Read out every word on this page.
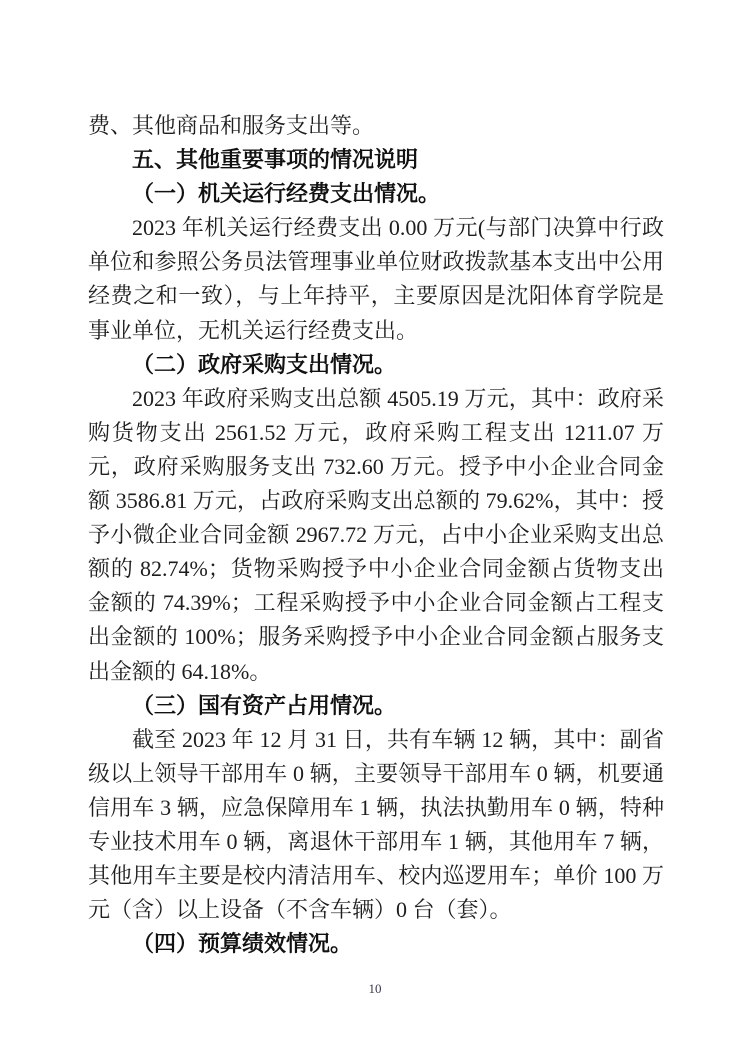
费、其他商品和服务支出等。

五、其他重要事项的情况说明

（一）机关运行经费支出情况。

2023 年机关运行经费支出 0.00 万元(与部门决算中行政单位和参照公务员法管理事业单位财政拨款基本支出中公用经费之和一致），与上年持平，主要原因是沈阳体育学院是事业单位，无机关运行经费支出。

（二）政府采购支出情况。

2023 年政府采购支出总额 4505.19 万元，其中：政府采购货物支出 2561.52 万元，政府采购工程支出 1211.07 万元，政府采购服务支出 732.60 万元。授予中小企业合同金额 3586.81 万元，占政府采购支出总额的 79.62%，其中：授予小微企业合同金额 2967.72 万元，占中小企业采购支出总额的 82.74%；货物采购授予中小企业合同金额占货物支出金额的 74.39%；工程采购授予中小企业合同金额占工程支出金额的 100%；服务采购授予中小企业合同金额占服务支出金额的 64.18%。

（三）国有资产占用情况。

截至 2023 年 12 月 31 日，共有车辆 12 辆，其中：副省级以上领导干部用车 0 辆，主要领导干部用车 0 辆，机要通信用车 3 辆，应急保障用车 1 辆，执法执勤用车 0 辆，特种专业技术用车 0 辆，离退休干部用车 1 辆，其他用车 7 辆，其他用车主要是校内清洁用车、校内巡逻用车；单价 100 万元（含）以上设备（不含车辆）0 台（套）。

（四）预算绩效情况。

10
